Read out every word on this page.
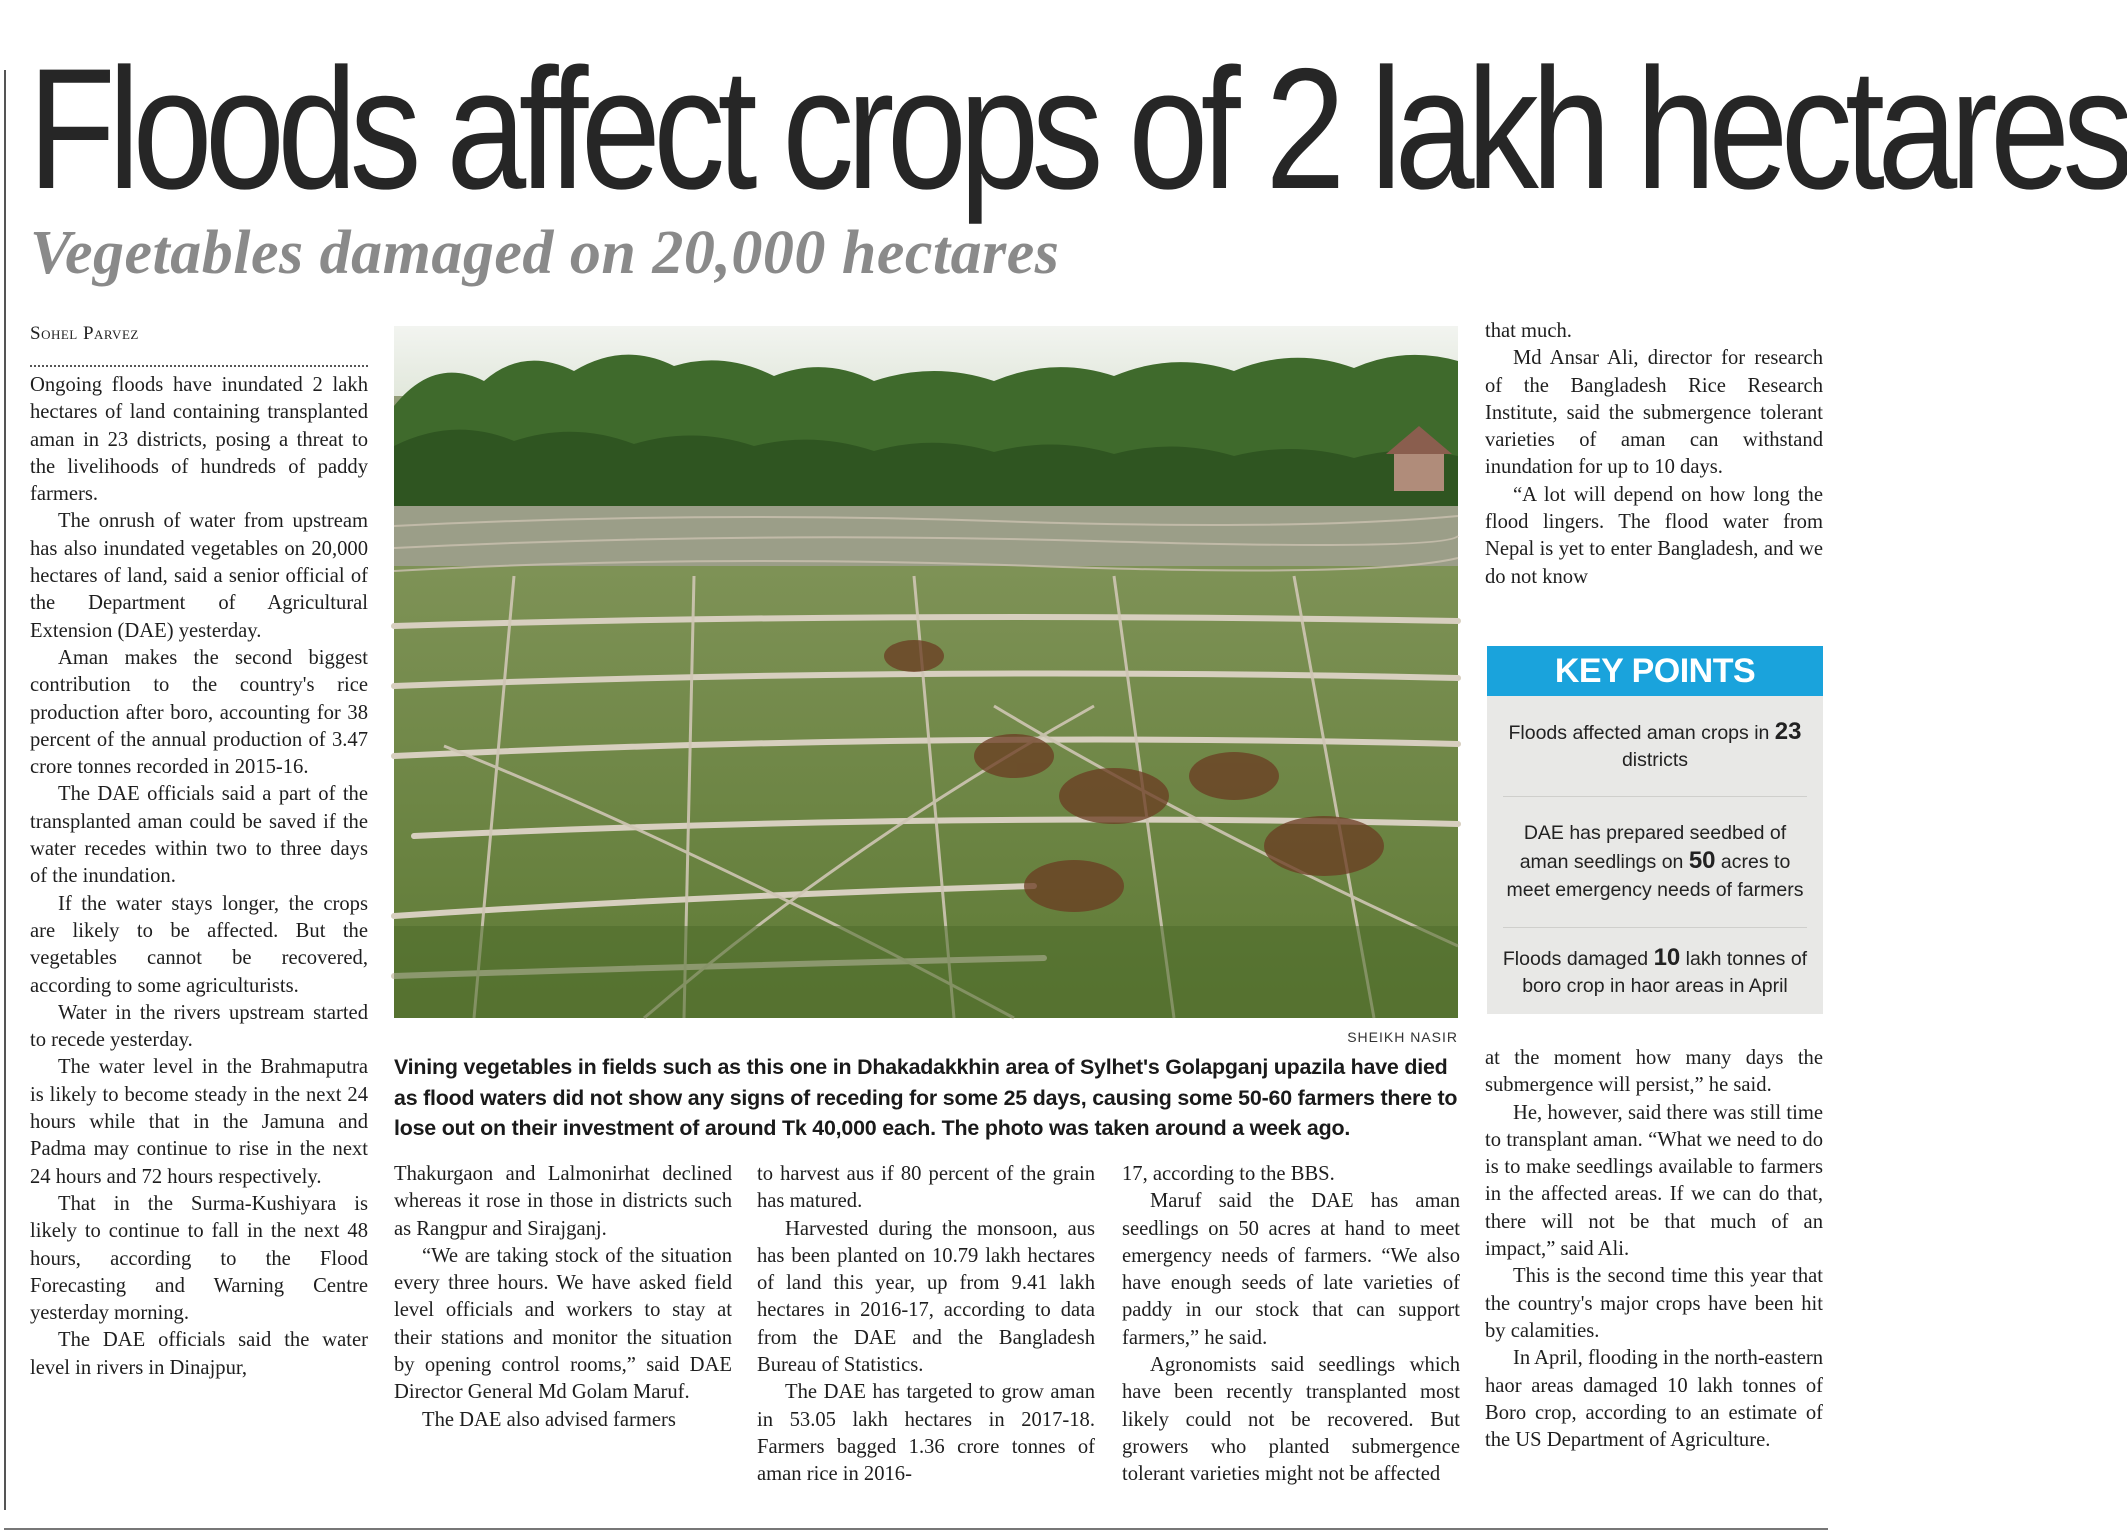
Floods affect crops of 2 lakh hectares
Vegetables damaged on 20,000 hectares
Sohel Parvez

Ongoing floods have inundated 2 lakh hectares of land containing transplanted aman in 23 districts, posing a threat to the livelihoods of hundreds of paddy farmers.

The onrush of water from upstream has also inundated vegetables on 20,000 hectares of land, said a senior official of the Department of Agricultural Extension (DAE) yesterday.

Aman makes the second biggest contribution to the country's rice production after boro, accounting for 38 percent of the annual production of 3.47 crore tonnes recorded in 2015-16.

The DAE officials said a part of the transplanted aman could be saved if the water recedes within two to three days of the inundation.

If the water stays longer, the crops are likely to be affected. But the vegetables cannot be recovered, according to some agriculturists.

Water in the rivers upstream started to recede yesterday.

The water level in the Brahmaputra is likely to become steady in the next 24 hours while that in the Jamuna and Padma may continue to rise in the next 24 hours and 72 hours respectively.

That in the Surma-Kushiyara is likely to continue to fall in the next 48 hours, according to the Flood Forecasting and Warning Centre yesterday morning.

The DAE officials said the water level in rivers in Dinajpur,

SHEIKH NASIR
Vining vegetables in fields such as this one in Dhakadakkhin area of Sylhet's Golapganj upazila have died as flood waters did not show any signs of receding for some 25 days, causing some 50-60 farmers there to lose out on their investment of around Tk 40,000 each. The photo was taken around a week ago.

Thakurgaon and Lalmonirhat declined whereas it rose in those in districts such as Rangpur and Sirajganj.

“We are taking stock of the situation every three hours. We have asked field level officials and workers to stay at their stations and monitor the situation by opening control rooms,” said DAE Director General Md Golam Maruf.

The DAE also advised farmers

to harvest aus if 80 percent of the grain has matured.

Harvested during the monsoon, aus has been planted on 10.79 lakh hectares of land this year, up from 9.41 lakh hectares in 2016-17, according to data from the DAE and the Bangladesh Bureau of Statistics.

The DAE has targeted to grow aman in 53.05 lakh hectares in 2017-18. Farmers bagged 1.36 crore tonnes of aman rice in 2016-

17, according to the BBS.

Maruf said the DAE has aman seedlings on 50 acres at hand to meet emergency needs of farmers. “We also have enough seeds of late varieties of paddy in our stock that can support farmers,” he said.

Agronomists said seedlings which have been recently transplanted most likely could not be recovered. But growers who planted submergence tolerant varieties might not be affected

that much.

Md Ansar Ali, director for research of the Bangladesh Rice Research Institute, said the submergence tolerant varieties of aman can withstand inundation for up to 10 days.

“A lot will depend on how long the flood lingers. The flood water from Nepal is yet to enter Bangladesh, and we do not know

KEY POINTS
Floods affected aman crops in 23 districts
DAE has prepared seedbed of aman seedlings on 50 acres to meet emergency needs of farmers
Floods damaged 10 lakh tonnes of boro crop in haor areas in April

at the moment how many days the submergence will persist,” he said.

He, however, said there was still time to transplant aman. “What we need to do is to make seedlings available to farmers in the affected areas. If we can do that, there will not be that much of an impact,” said Ali.

This is the second time this year that the country's major crops have been hit by calamities.

In April, flooding in the north-eastern haor areas damaged 10 lakh tonnes of Boro crop, according to an estimate of the US Department of Agriculture.
